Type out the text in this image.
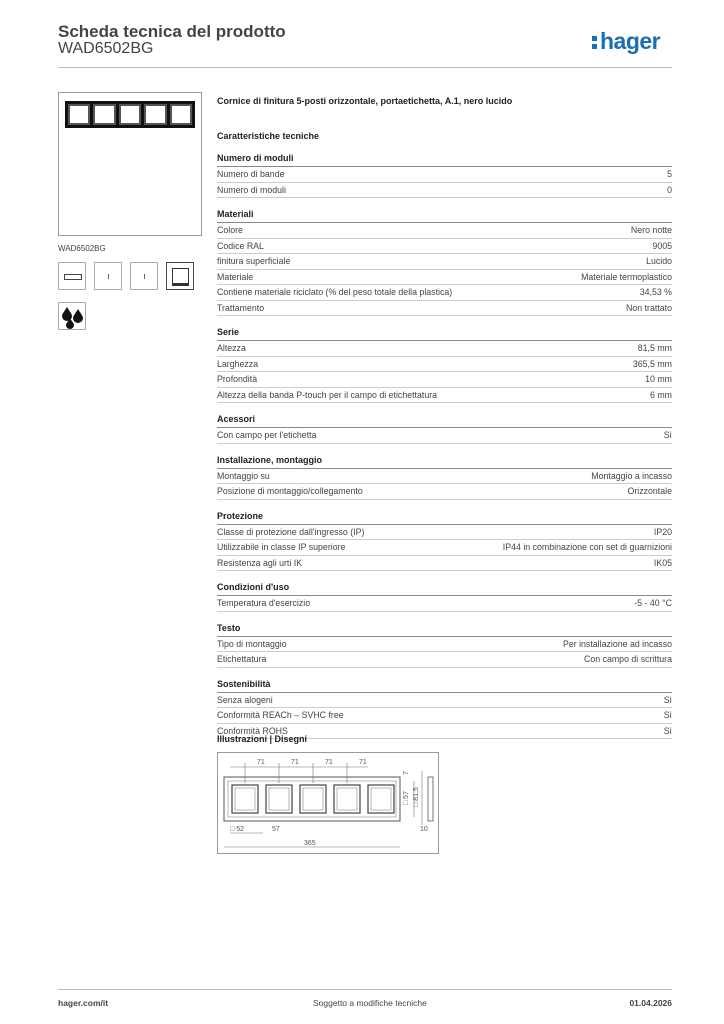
Scheda tecnica del prodotto
WAD6502BG	hager
WAD6502BG
Cornice di finitura 5-posti orizzontale, portaetichetta, A.1, nero lucido
Caratteristiche tecniche
Numero di moduli
Numero di bande	5
Numero di moduli	0
Materiali
Colore	Nero notte
Codice RAL	9005
finitura superficiale	Lucido
Materiale	Materiale termoplastico
Contiene materiale riciclato (% del peso totale della plastica)	34,53 %
Trattamento	Non trattato
Serie
Altezza	81,5 mm
Larghezza	365,5 mm
Profondità	10 mm
Altezza della banda P-touch per il campo di etichettatura	6 mm
Acessori
Con campo per l'etichetta	Sì
Installazione, montaggio
Montaggio su	Montaggio a incasso
Posizione di montaggio/collegamento	Orizzontale
Protezione
Classe di protezione dall'ingresso (IP)	IP20
Utilizzabile in classe IP superiore	IP44 in combinazione con set di guarnizioni
Resistenza agli urti IK	IK05
Condizioni d'uso
Temperatura d'esercizio	-5 - 40 °C
Testo
Tipo di montaggio	Per installazione ad incasso
Etichettatura	Con campo di scrittura
Sostenibilità
Senza alogeni	Sì
Conformità REACh – SVHC free	Sì
Conformità ROHS	Sì
Illustrazioni | Disegni
71	71	71	71
7
□ 57
□ 81,5
□ 52	57
365
10
hager.com/it	Soggetto a modifiche tecniche	01.04.2026
